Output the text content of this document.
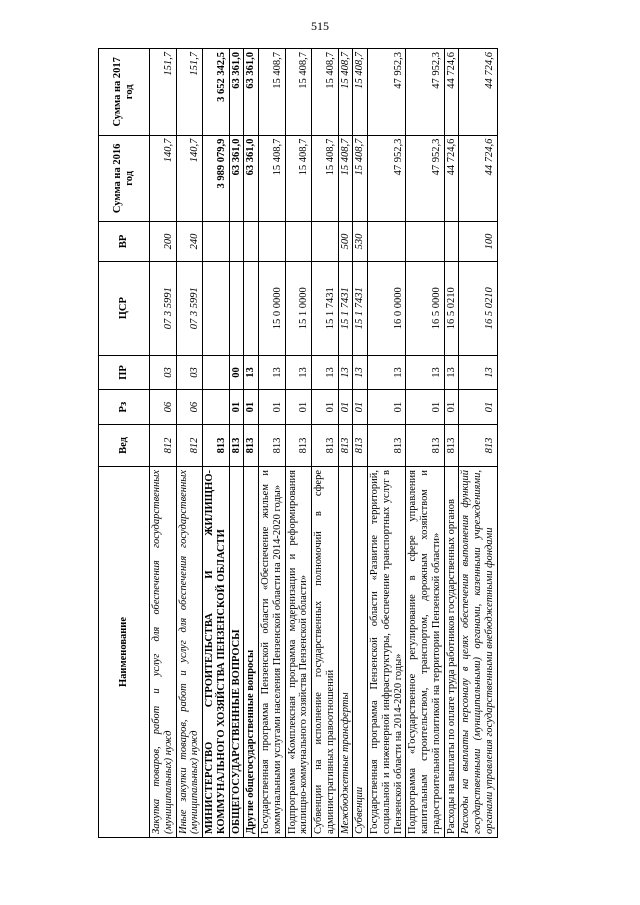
515
Наименование	Вед	Рз	ПР	ЦСР	ВР	Сумма на 2016 год	Сумма на 2017 год
Закупка товаров, работ и услуг для обеспечения государственных (муниципальных) нужд	812	06	03	07 3 5991	200	140,7	151,7
Иные закупки товаров, работ и услуг для обеспечения государственных (муниципальных) нужд	812	06	03	07 3 5991	240	140,7	151,7
МИНИСТЕРСТВО СТРОИТЕЛЬСТВА И ЖИЛИЩНО-КОММУНАЛЬНОГО ХОЗЯЙСТВА ПЕНЗЕНСКОЙ ОБЛАСТИ	813					3 989 079,9	3 652 342,5
ОБЩЕГОСУДАРСТВЕННЫЕ ВОПРОСЫ	813	01	00			63 361,0	63 361,0
Другие общегосударственные вопросы	813	01	13			63 361,0	63 361,0
Государственная программа Пензенской области «Обеспечение жильем и коммунальными услугами населения Пензенской области на 2014-2020 годы»	813	01	13	15 0 0000		15 408,7	15 408,7
Подпрограмма «Комплексная программа модернизации и реформирования жилищно-коммунального хозяйства Пензенской области»	813	01	13	15 1 0000		15 408,7	15 408,7
Субвенции на исполнение государственных полномочий в сфере административных правоотношений	813	01	13	15 1 7431		15 408,7	15 408,7
Межбюджетные трансферты	813	01	13	15 1 7431	500	15 408,7	15 408,7
Субвенции	813	01	13	15 1 7431	530	15 408,7	15 408,7
Государственная программа Пензенской области «Развитие территорий, социальной и инженерной инфраструктуры, обеспечение транспортных услуг в Пензенской области на 2014-2020 годы»	813	01	13	16 0 0000		47 952,3	47 952,3
Подпрограмма «Государственное регулирование в сфере управления капитальным строительством, транспортом, дорожным хозяйством и градостроительной политикой на территории Пензенской области»	813	01	13	16 5 0000		47 952,3	47 952,3
Расходы на выплаты по оплате труда работников государственных органов	813	01	13	16 5 0210		44 724,6	44 724,6
Расходы на выплаты персоналу в целях обеспечения выполнения функций государственными (муниципальными) органами, казенными учреждениями, органами управления государственными внебюджетными фондами	813	01	13	16 5 0210	100	44 724,6	44 724,6
